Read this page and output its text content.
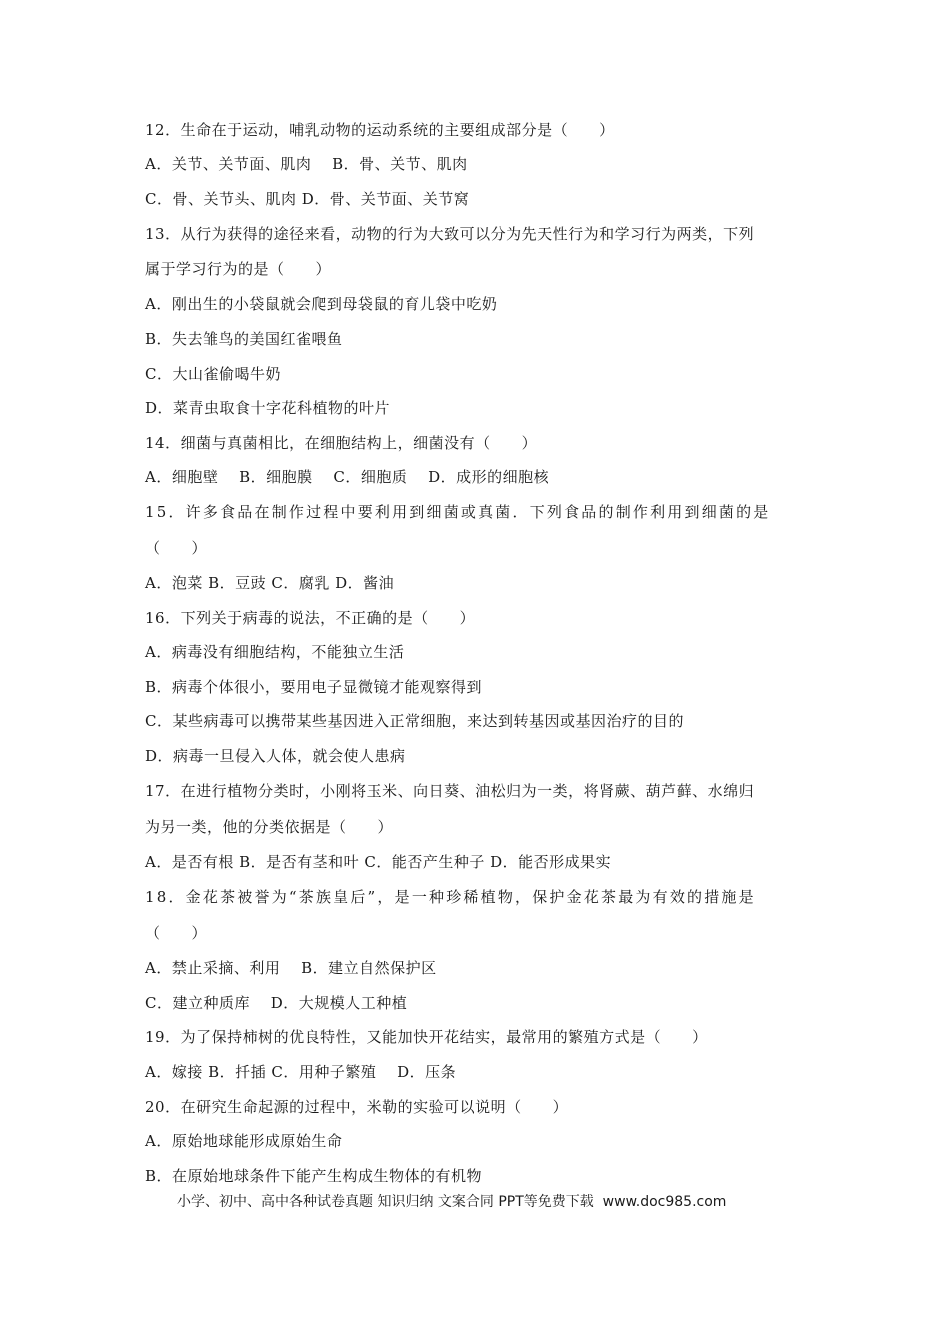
12．生命在于运动，哺乳动物的运动系统的主要组成部分是（　　）
A．关节、关节面、肌肉　 B．骨、关节、肌肉
C．骨、关节头、肌肉 D．骨、关节面、关节窝
13．从行为获得的途径来看，动物的行为大致可以分为先天性行为和学习行为两类，下列
属于学习行为的是（　　）
A．刚出生的小袋鼠就会爬到母袋鼠的育儿袋中吃奶
B．失去雏鸟的美国红雀喂鱼
C．大山雀偷喝牛奶
D．菜青虫取食十字花科植物的叶片
14．细菌与真菌相比，在细胞结构上，细菌没有（　　）
A．细胞壁　 B．细胞膜　 C．细胞质　 D．成形的细胞核
15．许多食品在制作过程中要利用到细菌或真菌．下列食品的制作利用到细菌的是
（　　）
A．泡菜 B．豆豉 C．腐乳 D．酱油
16．下列关于病毒的说法，不正确的是（　　）
A．病毒没有细胞结构，不能独立生活
B．病毒个体很小，要用电子显微镜才能观察得到
C．某些病毒可以携带某些基因进入正常细胞，来达到转基因或基因治疗的目的
D．病毒一旦侵入人体，就会使人患病
17．在进行植物分类时，小刚将玉米、向日葵、油松归为一类，将肾蕨、葫芦藓、水绵归
为另一类，他的分类依据是（　　）
A．是否有根 B．是否有茎和叶 C．能否产生种子 D．能否形成果实
18．金花茶被誉为“茶族皇后”，是一种珍稀植物，保护金花茶最为有效的措施是
（　　）
A．禁止采摘、利用　 B．建立自然保护区
C．建立种质库　 D．大规模人工种植
19．为了保持柿树的优良特性，又能加快开花结实，最常用的繁殖方式是（　　）
A．嫁接 B．扦插 C．用种子繁殖　 D．压条
20．在研究生命起源的过程中，米勒的实验可以说明（　　）
A．原始地球能形成原始生命
B．在原始地球条件下能产生构成生物体的有机物
小学、初中、高中各种试卷真题 知识归纳 文案合同 PPT等免费下载  www.doc985.com
